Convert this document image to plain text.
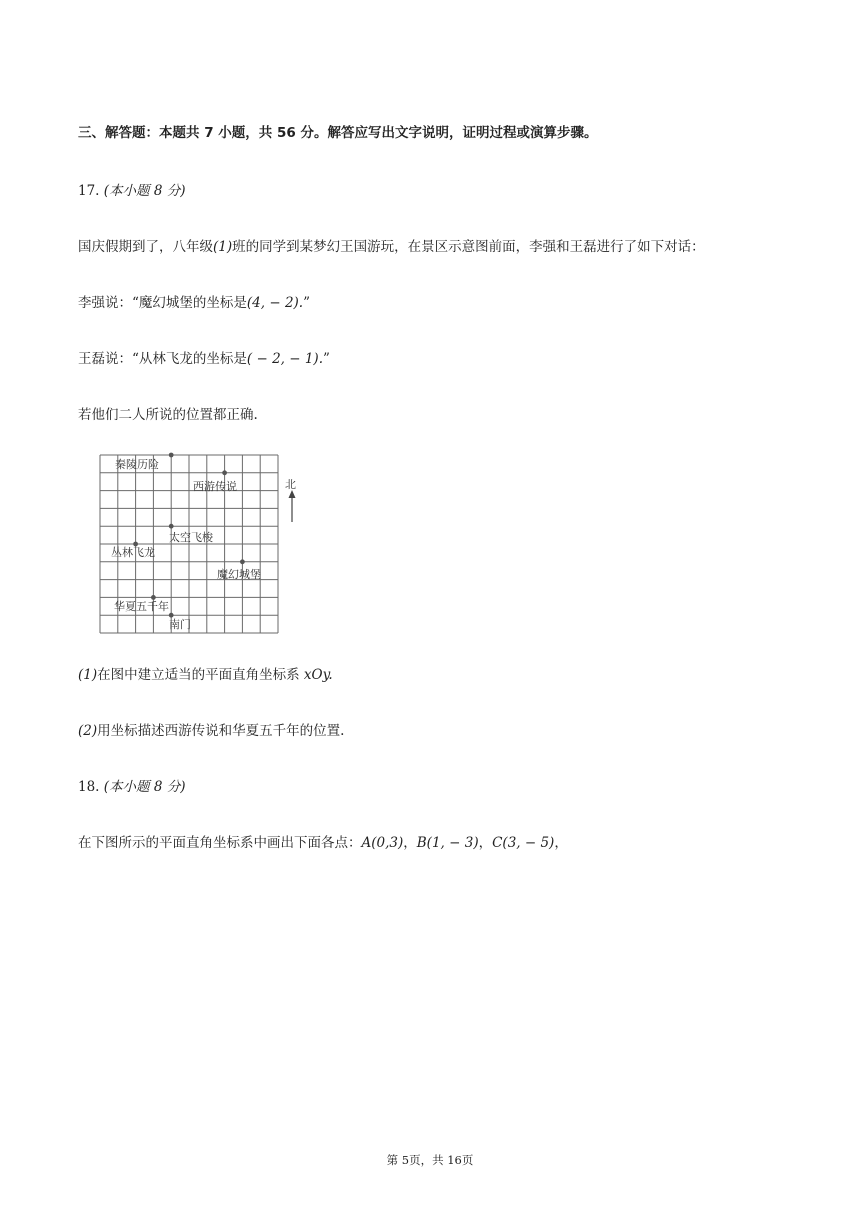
三、解答题：本题共 7 小题，共 56 分。解答应写出文字说明，证明过程或演算步骤。
17. (本小题 8 分)
国庆假期到了，八年级(1)班的同学到某梦幻王国游玩，在景区示意图前面，李强和王磊进行了如下对话：
李强说：“魔幻城堡的坐标是(4, − 2).”
王磊说：“从林飞龙的坐标是( − 2, − 1).”
若他们二人所说的位置都正确.
北
秦陵历险
西游传说
太空飞梭
丛林飞龙
魔幻城堡
华夏五千年
南门
(1)在图中建立适当的平面直角坐标系 xOy.
(2)用坐标描述西游传说和华夏五千年的位置.
18. (本小题 8 分)
在下图所示的平面直角坐标系中画出下面各点：A(0,3)，B(1, − 3)，C(3, − 5)，
第 5页，共 16页
